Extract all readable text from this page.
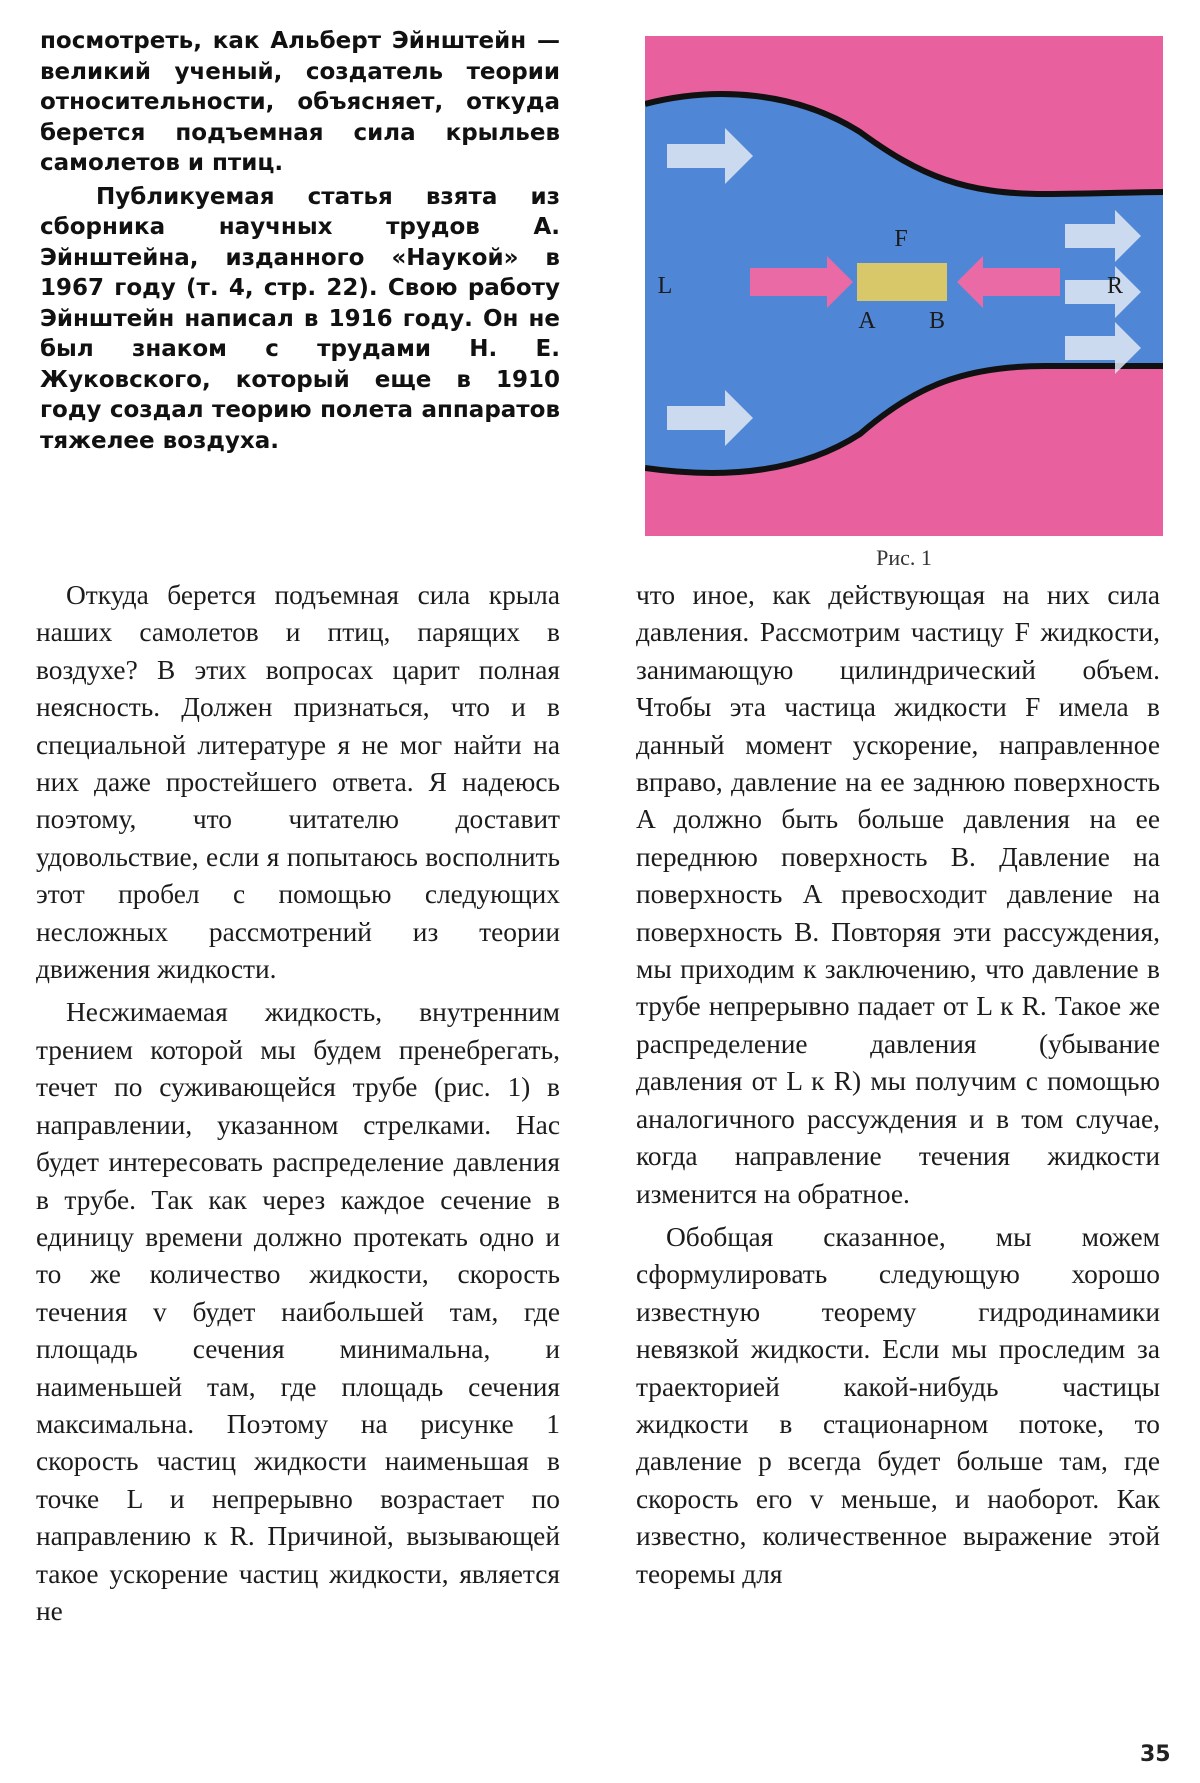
посмотреть, как Альберт Эйнштейн — великий ученый, создатель теории относительности, объясняет, откуда берется подъемная сила крыльев самолетов и птиц.

Публикуемая статья взята из сборника научных трудов А. Эйнштейна, изданного «Наукой» в 1967 году (т. 4, стр. 22). Свою работу Эйнштейн написал в 1916 году. Он не был знаком с трудами Н. Е. Жуковского, который еще в 1910 году создал теорию полета аппаратов тяжелее воздуха.

F
A B
L	R
Рис. 1

Откуда берется подъемная сила крыла наших самолетов и птиц, парящих в воздухе? В этих вопросах царит полная неясность. Должен признаться, что и в специальной литературе я не мог найти на них даже простейшего ответа. Я надеюсь поэтому, что читателю доставит удовольствие, если я попытаюсь восполнить этот пробел с помощью следующих несложных рассмотрений из теории движения жидкости.

Несжимаемая жидкость, внутренним трением которой мы будем пренебрегать, течет по суживающейся трубе (рис. 1) в направлении, указанном стрелками. Нас будет интересовать распределение давления в трубе. Так как через каждое сечение в единицу времени должно протекать одно и то же количество жидкости, скорость течения v будет наибольшей там, где площадь сечения минимальна, и наименьшей там, где площадь сечения максимальна. Поэтому на рисунке 1 скорость частиц жидкости наименьшая в точке L и непрерывно возрастает по направлению к R. Причиной, вызывающей такое ускорение частиц жидкости, является не

что иное, как действующая на них сила давления. Рассмотрим частицу F жидкости, занимающую цилиндрический объем. Чтобы эта частица жидкости F имела в данный момент ускорение, направленное вправо, давление на ее заднюю поверхность A должно быть больше давления на ее переднюю поверхность B. Давление на поверхность A превосходит давление на поверхность B. Повторяя эти рассуждения, мы приходим к заключению, что давление в трубе непрерывно падает от L к R. Такое же распределение давления (убывание давления от L к R) мы получим с помощью аналогичного рассуждения и в том случае, когда направление течения жидкости изменится на обратное.

Обобщая сказанное, мы можем сформулировать следующую хорошо известную теорему гидродинамики невязкой жидкости. Если мы проследим за траекторией какой-нибудь частицы жидкости в стационарном потоке, то давление p всегда будет больше там, где скорость его v меньше, и наоборот. Как известно, количественное выражение этой теоремы для

35
